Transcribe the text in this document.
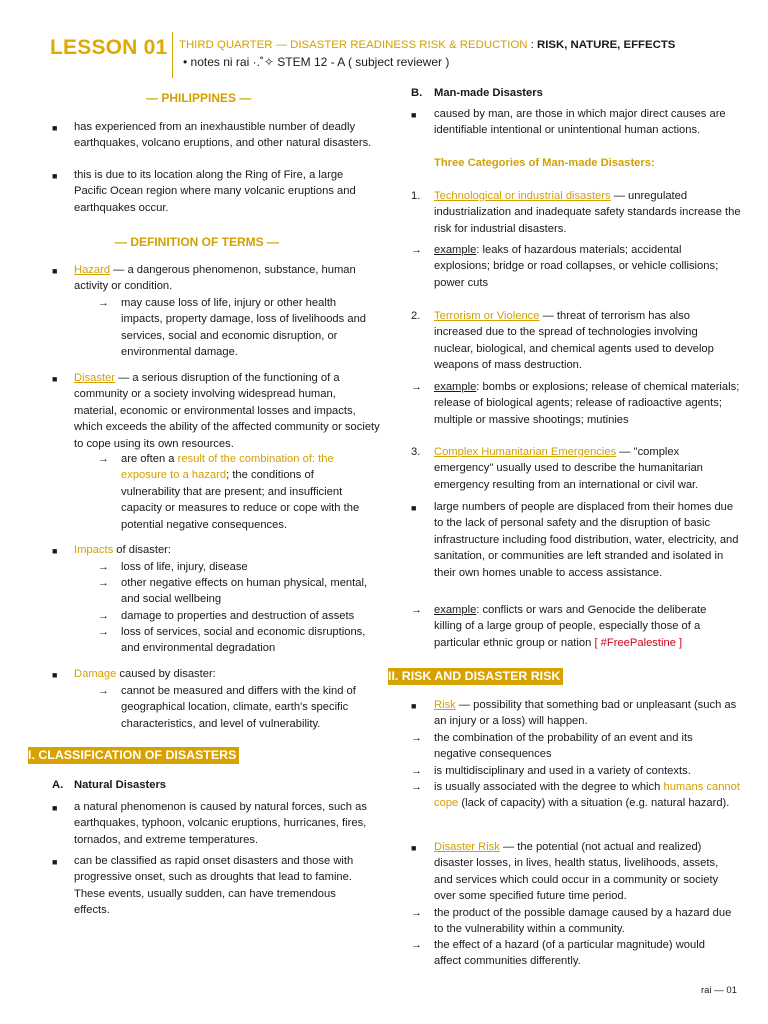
LESSON 01 THIRD QUARTER — DISASTER READINESS RISK & REDUCTION : RISK, NATURE, EFFECTS
• notes ni rai ·.˚✧ STEM 12 - A ( subject reviewer )
— PHILIPPINES —
■ has experienced from an inexhaustible number of deadly earthquakes, volcano eruptions, and other natural disasters.
■ this is due to its location along the Ring of Fire, a large Pacific Ocean region where many volcanic eruptions and earthquakes occur.
— DEFINITION OF TERMS —
■ Hazard — a dangerous phenomenon, substance, human activity or condition.
→ may cause loss of life, injury or other health impacts, property damage, loss of livelihoods and services, social and economic disruption, or environmental damage.
■ Disaster — a serious disruption of the functioning of a community or a society involving widespread human, material, economic or environmental losses and impacts, which exceeds the ability of the affected community or society to cope using its own resources.
→ are often a result of the combination of: the exposure to a hazard; the conditions of vulnerability that are present; and insufficient capacity or measures to reduce or cope with the potential negative consequences.
■ Impacts of disaster:
→ loss of life, injury, disease
→ other negative effects on human physical, mental, and social wellbeing
→ damage to properties and destruction of assets
→ loss of services, social and economic disruptions, and environmental degradation
■ Damage caused by disaster:
→ cannot be measured and differs with the kind of geographical location, climate, earth's specific characteristics, and level of vulnerability.
I. CLASSIFICATION OF DISASTERS
A. Natural Disasters
■ a natural phenomenon is caused by natural forces, such as earthquakes, typhoon, volcanic eruptions, hurricanes, fires, tornados, and extreme temperatures.
■ can be classified as rapid onset disasters and those with progressive onset, such as droughts that lead to famine. These events, usually sudden, can have tremendous effects.
B. Man-made Disasters
■ caused by man, are those in which major direct causes are identifiable intentional or unintentional human actions.
Three Categories of Man-made Disasters:
1. Technological or industrial disasters — unregulated industrialization and inadequate safety standards increase the risk for industrial disasters.
→ example: leaks of hazardous materials; accidental explosions; bridge or road collapses, or vehicle collisions; power cuts
2. Terrorism or Violence — threat of terrorism has also increased due to the spread of technologies involving nuclear, biological, and chemical agents used to develop weapons of mass destruction.
→ example: bombs or explosions; release of chemical materials; release of biological agents; release of radioactive agents; multiple or massive shootings; mutinies
3. Complex Humanitarian Emergencies — "complex emergency" usually used to describe the humanitarian emergency resulting from an international or civil war.
■ large numbers of people are displaced from their homes due to the lack of personal safety and the disruption of basic infrastructure including food distribution, water, electricity, and sanitation, or communities are left stranded and isolated in their own homes unable to access assistance.
→ example: conflicts or wars and Genocide the deliberate killing of a large group of people, especially those of a particular ethnic group or nation [ #FreePalestine ]
II. RISK AND DISASTER RISK
■ Risk — possibility that something bad or unpleasant (such as an injury or a loss) will happen.
→ the combination of the probability of an event and its negative consequences
→ is multidisciplinary and used in a variety of contexts.
→ is usually associated with the degree to which humans cannot cope (lack of capacity) with a situation (e.g. natural hazard).
■ Disaster Risk — the potential (not actual and realized) disaster losses, in lives, health status, livelihoods, assets, and services which could occur in a community or society over some specified future time period.
→ the product of the possible damage caused by a hazard due to the vulnerability within a community.
→ the effect of a hazard (of a particular magnitude) would affect communities differently.
rai — 01
